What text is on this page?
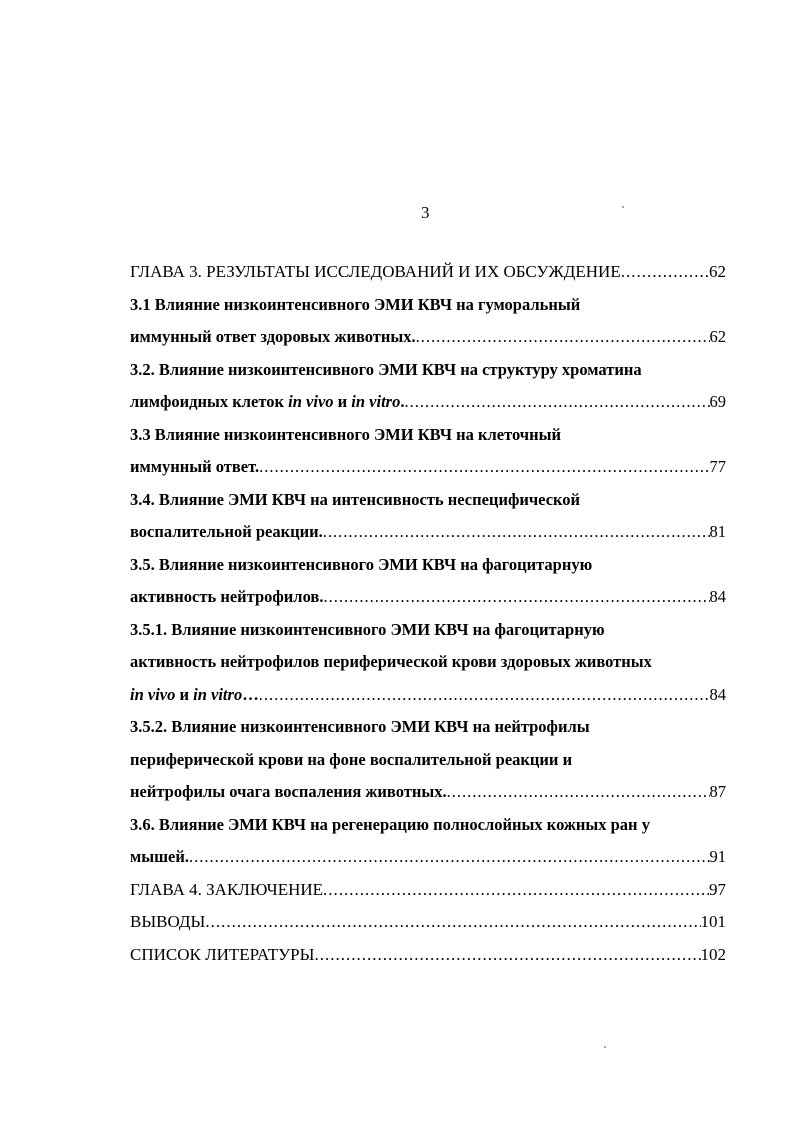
3
ГЛАВА 3. РЕЗУЛЬТАТЫ ИССЛЕДОВАНИЙ И ИХ ОБСУЖДЕНИЕ .....	62
3.1 Влияние низкоинтенсивного ЭМИ КВЧ на гуморальный
иммунный ответ здоровых животных. .....	62
3.2. Влияние низкоинтенсивного ЭМИ КВЧ на структуру хроматина
лимфоидных клеток in vivo и in vitro. .....	69
3.3 Влияние низкоинтенсивного ЭМИ КВЧ на клеточный
иммунный ответ. .....	77
3.4. Влияние ЭМИ КВЧ на интенсивность неспецифической
воспалительной реакции. .....	81
3.5. Влияние низкоинтенсивного ЭМИ КВЧ на фагоцитарную
активность нейтрофилов. .....	84
3.5.1. Влияние низкоинтенсивного ЭМИ КВЧ на фагоцитарную
активность нейтрофилов периферической крови здоровых животных
in vivo и in vitro… .....	84
3.5.2. Влияние низкоинтенсивного ЭМИ КВЧ на нейтрофилы
периферической крови на фоне воспалительной реакции и
нейтрофилы очага воспаления животных. .....	87
3.6. Влияние ЭМИ КВЧ на регенерацию полнослойных кожных ран у
мышей. .....	91
ГЛАВА 4. ЗАКЛЮЧЕНИЕ .....	97
ВЫВОДЫ .....	101
СПИСОК ЛИТЕРАТУРЫ .....	102
